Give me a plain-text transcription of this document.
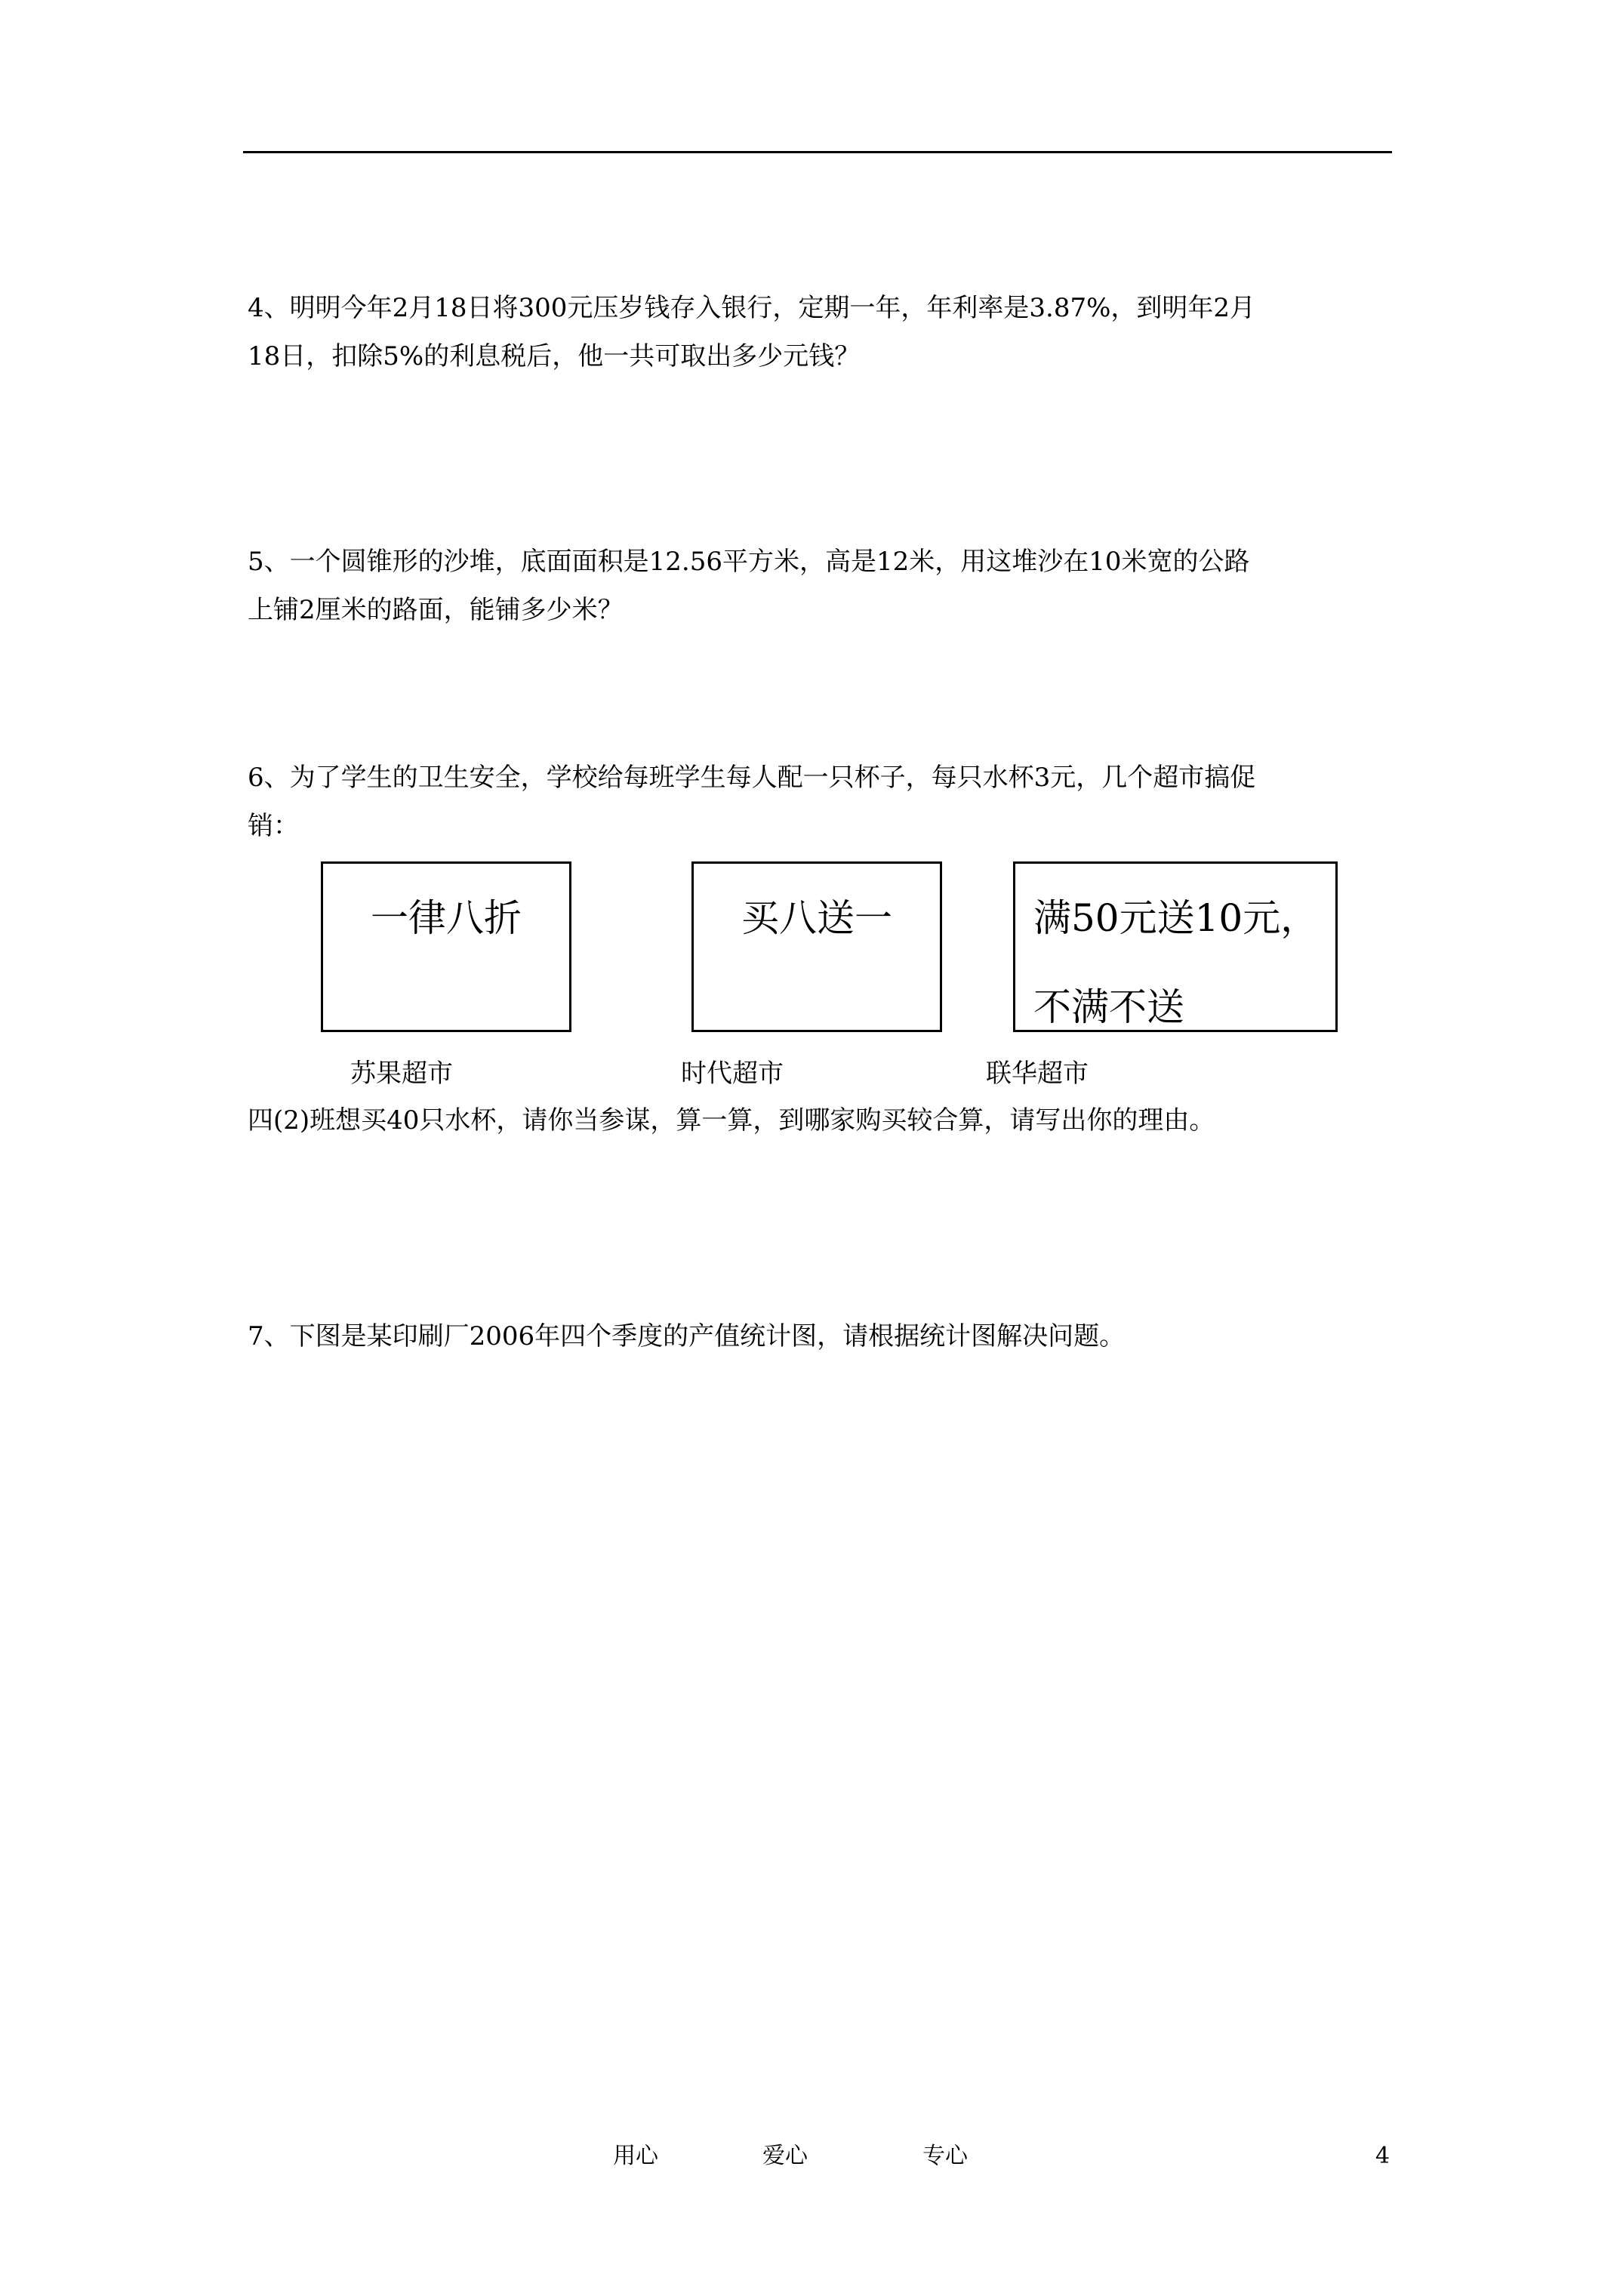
4、明明今年2月18日将300元压岁钱存入银行，定期一年，年利率是3.87%，到明年2月
18日，扣除5%的利息税后，他一共可取出多少元钱？
5、一个圆锥形的沙堆，底面面积是12.56平方米，高是12米，用这堆沙在10米宽的公路
上铺2厘米的路面，能铺多少米？
6、为了学生的卫生安全，学校给每班学生每人配一只杯子，每只水杯3元，几个超市搞促
销：
一律八折	买八送一	满50元送10元，
不满不送
苏果超市	时代超市	联华超市
四(2)班想买40只水杯，请你当参谋，算一算，到哪家购买较合算，请写出你的理由。
7、下图是某印刷厂2006年四个季度的产值统计图，请根据统计图解决问题。
用心	爱心	专心	4
